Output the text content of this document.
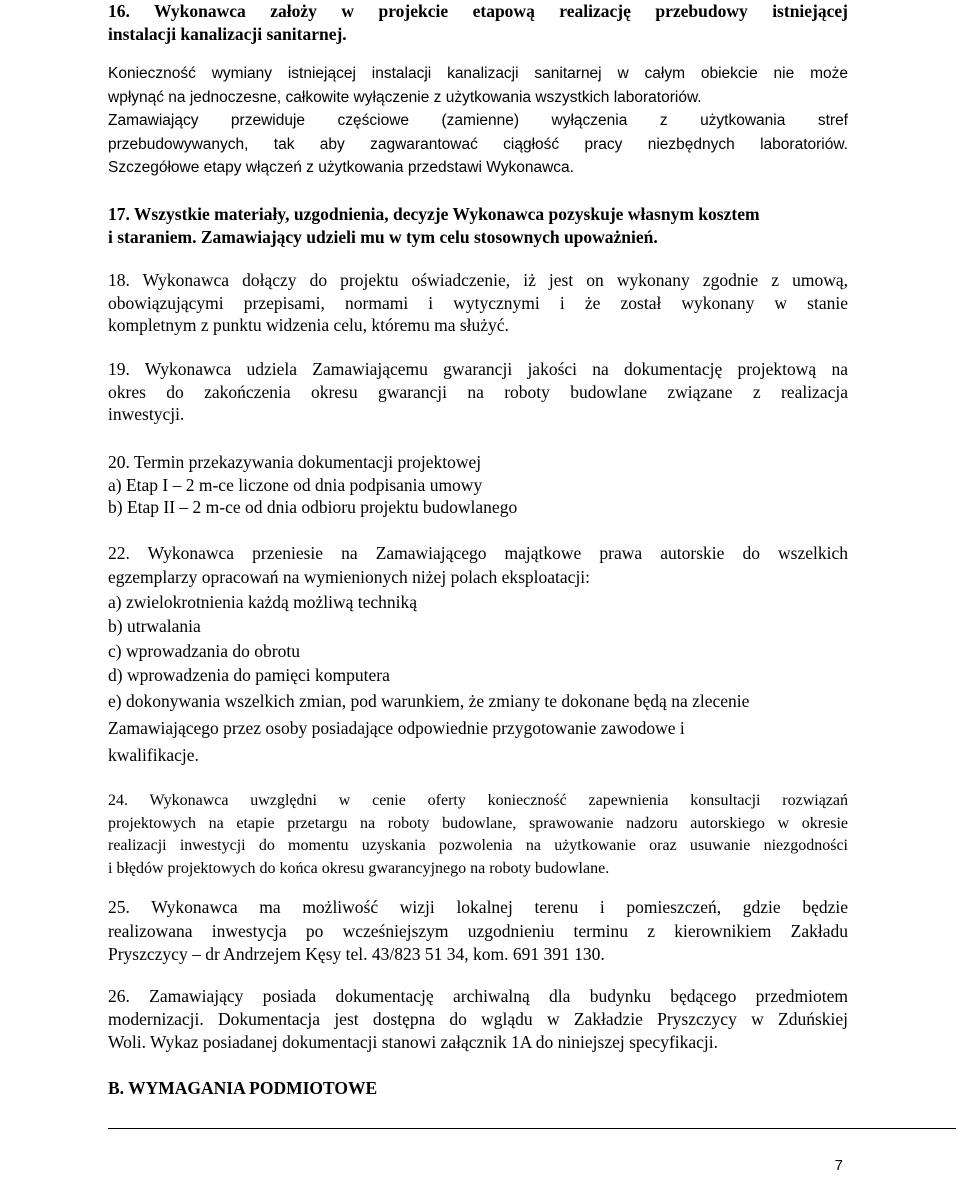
16. Wykonawca założy w projekcie etapową realizację przebudowy istniejącej
instalacji kanalizacji sanitarnej.
Konieczność wymiany istniejącej instalacji kanalizacji sanitarnej w całym obiekcie nie może
wpłynąć na jednoczesne, całkowite wyłączenie z użytkowania wszystkich laboratoriów.
Zamawiający przewiduje częściowe (zamienne) wyłączenia z użytkowania stref
przebudowywanych, tak aby zagwarantować ciągłość pracy niezbędnych laboratoriów.
Szczegółowe etapy włączeń z użytkowania przedstawi Wykonawca.
17. Wszystkie materiały, uzgodnienia, decyzje Wykonawca pozyskuje własnym kosztem
i staraniem. Zamawiający udzieli mu w tym celu stosownych upoważnień.
18. Wykonawca dołączy do projektu oświadczenie, iż jest on wykonany zgodnie z umową,
obowiązującymi przepisami, normami i wytycznymi i że został wykonany w stanie
kompletnym z punktu widzenia celu, któremu ma służyć.
19. Wykonawca udziela Zamawiającemu gwarancji jakości na dokumentację projektową na
okres do zakończenia okresu gwarancji na roboty budowlane związane z realizacja
inwestycji.
20. Termin przekazywania dokumentacji projektowej
a) Etap I – 2 m-ce liczone od dnia podpisania umowy
b) Etap II – 2 m-ce od dnia odbioru projektu budowlanego
22. Wykonawca przeniesie na Zamawiającego majątkowe prawa autorskie do wszelkich
egzemplarzy opracowań na wymienionych niżej polach eksploatacji:
a) zwielokrotnienia każdą możliwą techniką
b) utrwalania
c) wprowadzania do obrotu
d) wprowadzenia do pamięci komputera
e) dokonywania wszelkich zmian, pod warunkiem, że zmiany te dokonane będą na zlecenie
Zamawiającego przez osoby posiadające odpowiednie przygotowanie zawodowe i
kwalifikacje.
24. Wykonawca uwzględni w cenie oferty konieczność zapewnienia konsultacji rozwiązań
projektowych na etapie przetargu na roboty budowlane, sprawowanie nadzoru autorskiego w okresie
realizacji inwestycji do momentu uzyskania pozwolenia na użytkowanie oraz usuwanie niezgodności
i błędów projektowych do końca okresu gwarancyjnego na roboty budowlane.
25. Wykonawca ma możliwość wizji lokalnej terenu i pomieszczeń, gdzie będzie
realizowana inwestycja po wcześniejszym uzgodnieniu terminu z kierownikiem Zakładu
Pryszczycy – dr Andrzejem Kęsy tel. 43/823 51 34, kom. 691 391 130.
26. Zamawiający posiada dokumentację archiwalną dla budynku będącego przedmiotem
modernizacji. Dokumentacja jest dostępna do wglądu w Zakładzie Pryszczycy w Zduńskiej
Woli. Wykaz posiadanej dokumentacji stanowi załącznik 1A do niniejszej specyfikacji.
B. WYMAGANIA PODMIOTOWE
7
